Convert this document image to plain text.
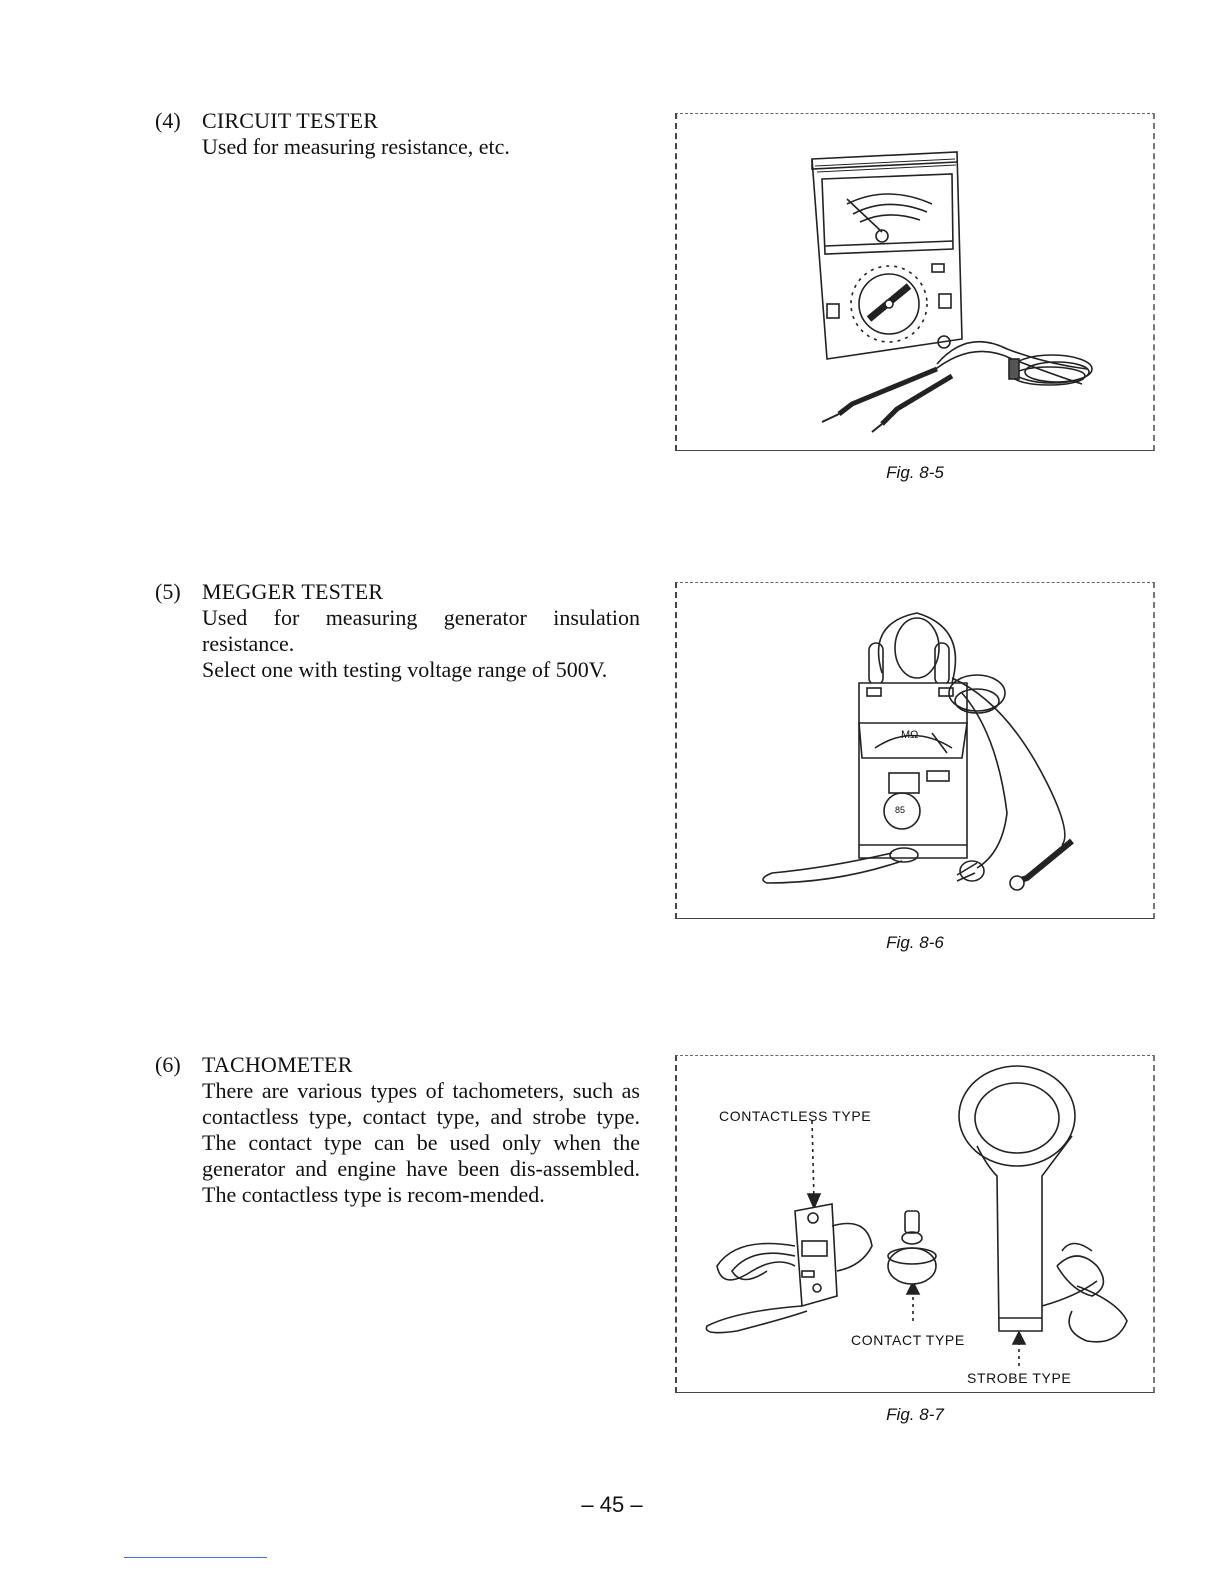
(4) CIRCUIT TESTER

Used for measuring resistance, etc.

(5) MEGGER TESTER

Used for measuring generator insulation resistance.

Select one with testing voltage range of 500V.

(6) TACHOMETER

There are various types of tachometers, such as contactless type, contact type, and strobe type. The contact type can be used only when the generator and engine have been dis-assembled. The contactless type is recom-mended.

Fig. 8-5
MΩ
85
Fig. 8-6
CONTACTLESS TYPE
CONTACT TYPE
STROBE TYPE
Fig. 8-7
– 45 –
